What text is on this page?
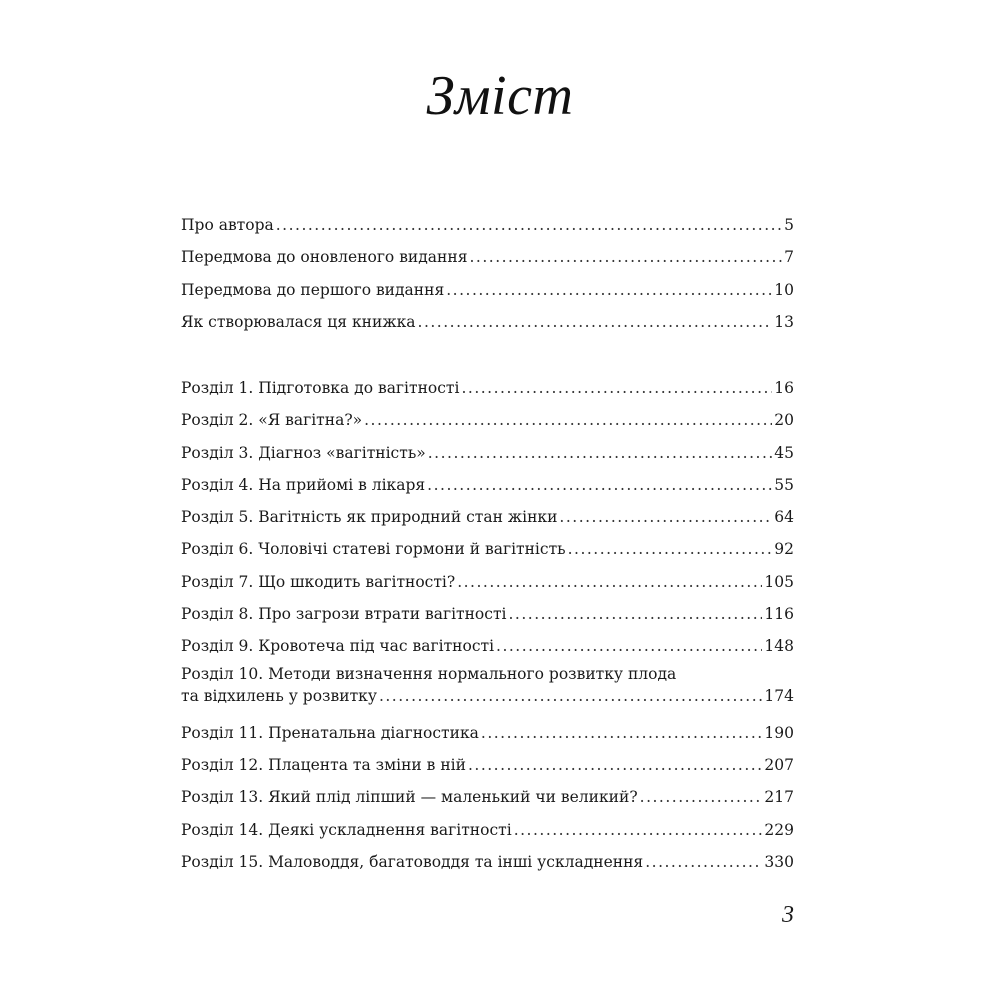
Зміст
Про автора .....	5
Передмова до оновленого видання .....	7
Передмова до першого видання .....	10
Як створювалася ця книжка .....	13
Розділ 1. Підготовка до вагітності .....	16
Розділ 2. «Я вагітна?» .....	20
Розділ 3. Діагноз «вагітність» .....	45
Розділ 4. На прийомі в лікаря .....	55
Розділ 5. Вагітність як природний стан жінки .....	64
Розділ 6. Чоловічі статеві гормони й вагітність .....	92
Розділ 7. Що шкодить вагітності? .....	105
Розділ 8. Про загрози втрати вагітності .....	116
Розділ 9. Кровотеча під час вагітності .....	148
Розділ 10. Методи визначення нормального розвитку плода
та відхилень у розвитку .....	174
Розділ 11. Пренатальна діагностика .....	190
Розділ 12. Плацента та зміни в ній .....	207
Розділ 13. Який плід ліпший — маленький чи великий? .....	217
Розділ 14. Деякі ускладнення вагітності .....	229
Розділ 15. Маловоддя, багатоводдя та інші ускладнення .....	330
3
